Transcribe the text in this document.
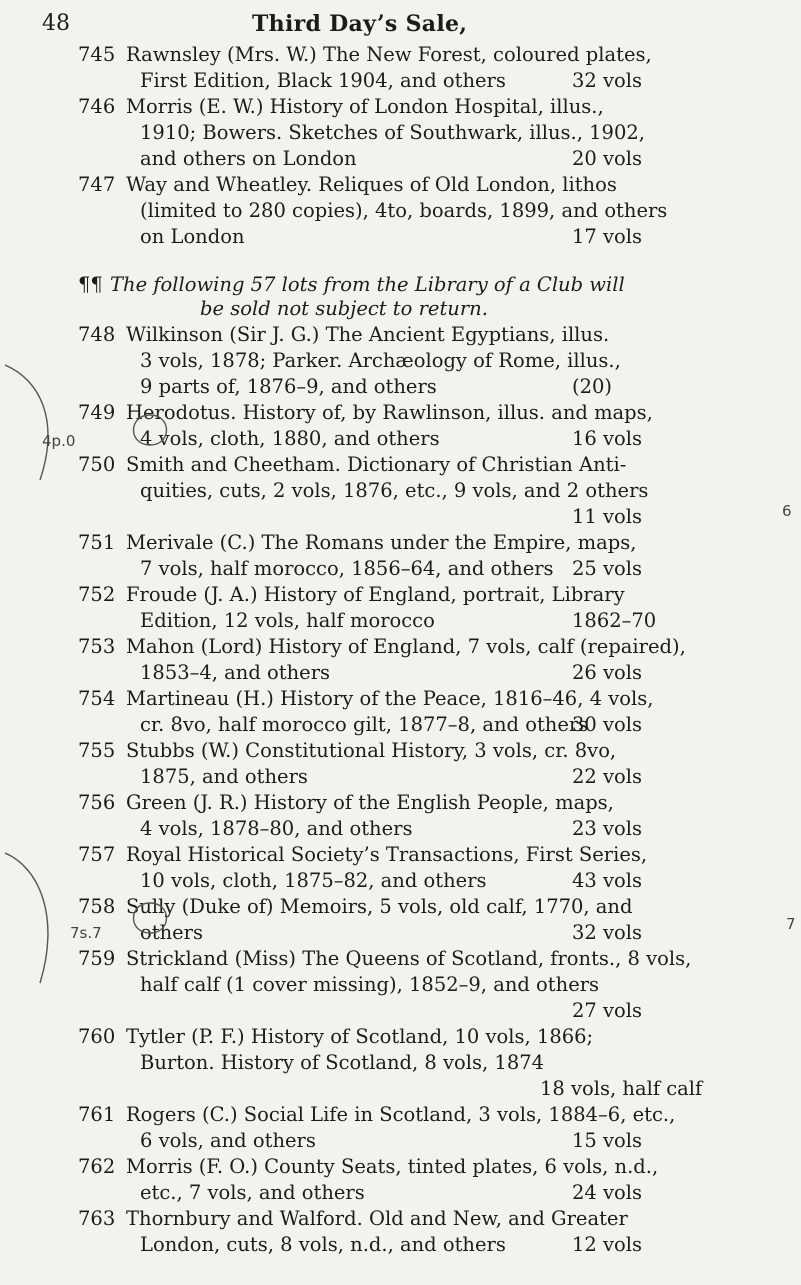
48	Third Day’s Sale,
745 Rawnsley (Mrs. W.) The New Forest, coloured plates,
First Edition, Black 1904, and others	32 vols
746 Morris (E. W.) History of London Hospital, illus.,
1910; Bowers. Sketches of Southwark, illus., 1902,
and others on London	20 vols
747 Way and Wheatley. Reliques of Old London, lithos
(limited to 280 copies), 4to, boards, 1899, and others
on London	17 vols
¶¶ The following 57 lots from the Library of a Club will
be sold not subject to return.
748 Wilkinson (Sir J. G.) The Ancient Egyptians, illus.
3 vols, 1878; Parker. Archæology of Rome, illus.,
9 parts of, 1876–9, and others	(20)
749 Herodotus. History of, by Rawlinson, illus. and maps,
4 vols, cloth, 1880, and others	16 vols
750 Smith and Cheetham. Dictionary of Christian Anti-
quities, cuts, 2 vols, 1876, etc., 9 vols, and 2 others
11 vols
751 Merivale (C.) The Romans under the Empire, maps,
7 vols, half morocco, 1856–64, and others 25 vols
752 Froude (J. A.) History of England, portrait, Library
Edition, 12 vols, half morocco	1862–70
753 Mahon (Lord) History of England, 7 vols, calf (repaired),
1853–4, and others	26 vols
754 Martineau (H.) History of the Peace, 1816–46, 4 vols,
cr. 8vo, half morocco gilt, 1877–8, and others
30 vols
755 Stubbs (W.) Constitutional History, 3 vols, cr. 8vo,
1875, and others	22 vols
756 Green (J. R.) History of the English People, maps,
4 vols, 1878–80, and others	23 vols
757 Royal Historical Society’s Transactions, First Series,
10 vols, cloth, 1875–82, and others	43 vols
758 Sully (Duke of) Memoirs, 5 vols, old calf, 1770, and
others	32 vols
759 Strickland (Miss) The Queens of Scotland, fronts., 8 vols,
half calf (1 cover missing), 1852–9, and others
27 vols
760 Tytler (P. F.) History of Scotland, 10 vols, 1866;
Burton. History of Scotland, 8 vols, 1874
18 vols, half calf
761 Rogers (C.) Social Life in Scotland, 3 vols, 1884–6, etc.,
6 vols, and others	15 vols
762 Morris (F. O.) County Seats, tinted plates, 6 vols, n.d.,
etc., 7 vols, and others	24 vols
763 Thornbury and Walford. Old and New, and Greater
London, cuts, 8 vols, n.d., and others	12 vols
4p.0
7s.7
6
7
